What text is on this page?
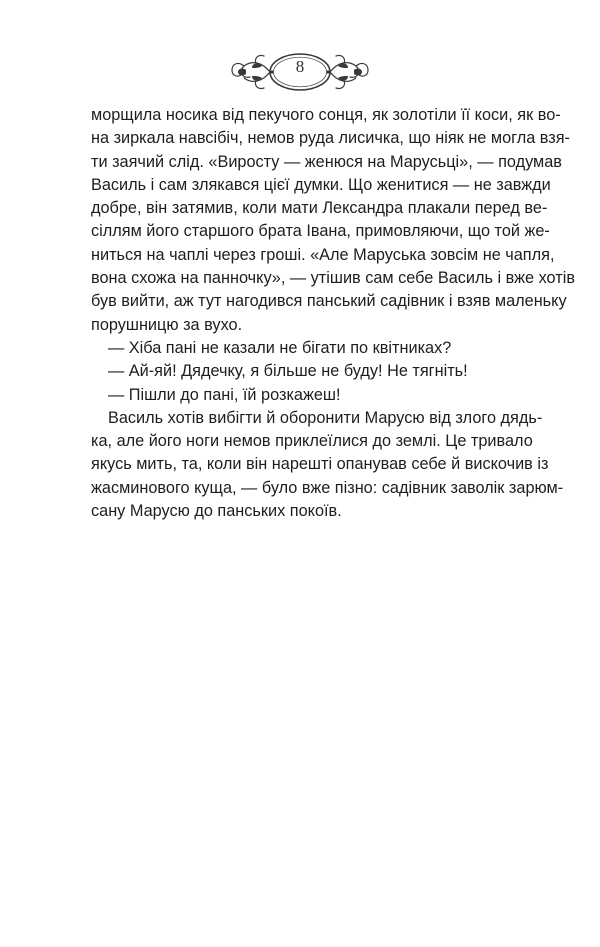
8
морщила носика від пекучого сонця, як золотіли її коси, як во-
на зиркала навсібіч, немов руда лисичка, що ніяк не могла взя-
ти заячий слід. «Виросту — женюся на Марусьці», — подумав
Василь і сам злякався цієї думки. Що женитися — не завжди
добре, він затямив, коли мати Лександра плакали перед ве-
сіллям його старшого брата Івана, примовляючи, що той же-
ниться на чаплі через гроші. «Але Маруська зовсім не чапля,
вона схожа на панночку», — утішив сам себе Василь і вже хотів
був вийти, аж тут нагодився панський садівник і взяв маленьку
порушницю за вухо.
— Хіба пані не казали не бігати по квітниках?
— Ай-яй! Дядечку, я більше не буду! Не тягніть!
— Пішли до пані, їй розкажеш!
Василь хотів вибігти й оборонити Марусю від злого дядь-
ка, але його ноги немов приклеїлися до землі. Це тривало
якусь мить, та, коли він нарешті опанував себе й вискочив із
жасминового куща, — було вже пізно: садівник заволік зарюм-
сану Марусю до панських покоїв.
